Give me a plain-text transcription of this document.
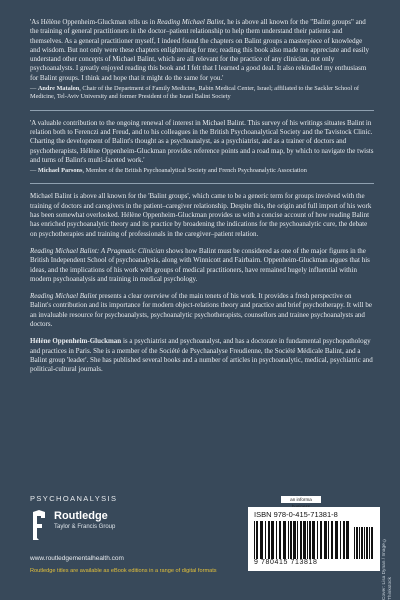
'As Hélène Oppenheim-Gluckman tells us in Reading Michael Balint, he is above all known for the "Balint groups" and the training of general practitioners in the doctor–patient relationship to help them understand their patients and themselves. As a general practitioner myself, I indeed found the chapters on Balint groups a masterpiece of knowledge and wisdom. But not only were these chapters enlightening for me; reading this book also made me appreciate and easily understand other concepts of Michael Balint, which are all relevant for the practice of any clinician, not only psychoanalysts. I greatly enjoyed reading this book and I felt that I learned a good deal. It also rekindled my enthusiasm for Balint groups. I think and hope that it might do the same for you.'

— Andre Matalon, Chair of the Department of Family Medicine, Rabin Medical Center, Israel; affiliated to the Sackler School of Medicine, Tel-Aviv University and former President of the Israel Balint Society

'A valuable contribution to the ongoing renewal of interest in Michael Balint. This survey of his writings situates Balint in relation both to Ferenczi and Freud, and to his colleagues in the British Psychoanalytical Society and the Tavistock Clinic. Charting the development of Balint's thought as a psychoanalyst, as a psychiatrist, and as a trainer of doctors and psychotherapists, Hélène Oppenheim-Gluckman provides reference points and a road map, by which to navigate the twists and turns of Balint's multi-faceted work.'

— Michael Parsons, Member of the British Psychoanalytical Society and French Psychoanalytic Association

Michael Balint is above all known for the 'Balint groups', which came to be a generic term for groups involved with the training of doctors and caregivers in the patient–caregiver relationship. Despite this, the origin and full import of his work has been somewhat overlooked. Hélène Oppenheim-Gluckman provides us with a concise account of how reading Balint has enriched psychoanalytic theory and its practice by broadening the indications for the psychoanalytic cure, the debate on psychotherapies and training of professionals in the caregiver–patient relation.

Reading Michael Balint: A Pragmatic Clinician shows how Balint must be considered as one of the major figures in the British Independent School of psychoanalysis, along with Winnicott and Fairbairn. Oppenheim-Gluckman argues that his ideas, and the implications of his work with groups of medical practitioners, have remained hugely influential within modern psychoanalysis and training in medical psychology.

Reading Michael Balint presents a clear overview of the main tenets of his work. It provides a fresh perspective on Balint's contribution and its importance for modern object-relations theory and practice and brief psychotherapy. It will be an invaluable resource for psychoanalysts, psychoanalytic psychotherapists, counsellors and trainee psychoanalysts and doctors.

Hélène Oppenheim-Gluckman is a psychiatrist and psychoanalyst, and has a doctorate in fundamental psychopathology and practices in Paris. She is a member of the Société de Psychanalyse Freudienne, the Société Médicale Balint, and a Balint group 'leader'. She has published several books and a number of articles in psychoanalytic, medical, psychiatric and political-cultural journals.

PSYCHOANALYSIS
Routledge
Taylor & Francis Group
www.routledgementalhealth.com
Routledge titles are available as eBook editions in a range of digital formats
an informa
ISBN 978-0-415-71381-8
9 780415 713818	Cover: Lisa Dynan / Image © Thinkstock
